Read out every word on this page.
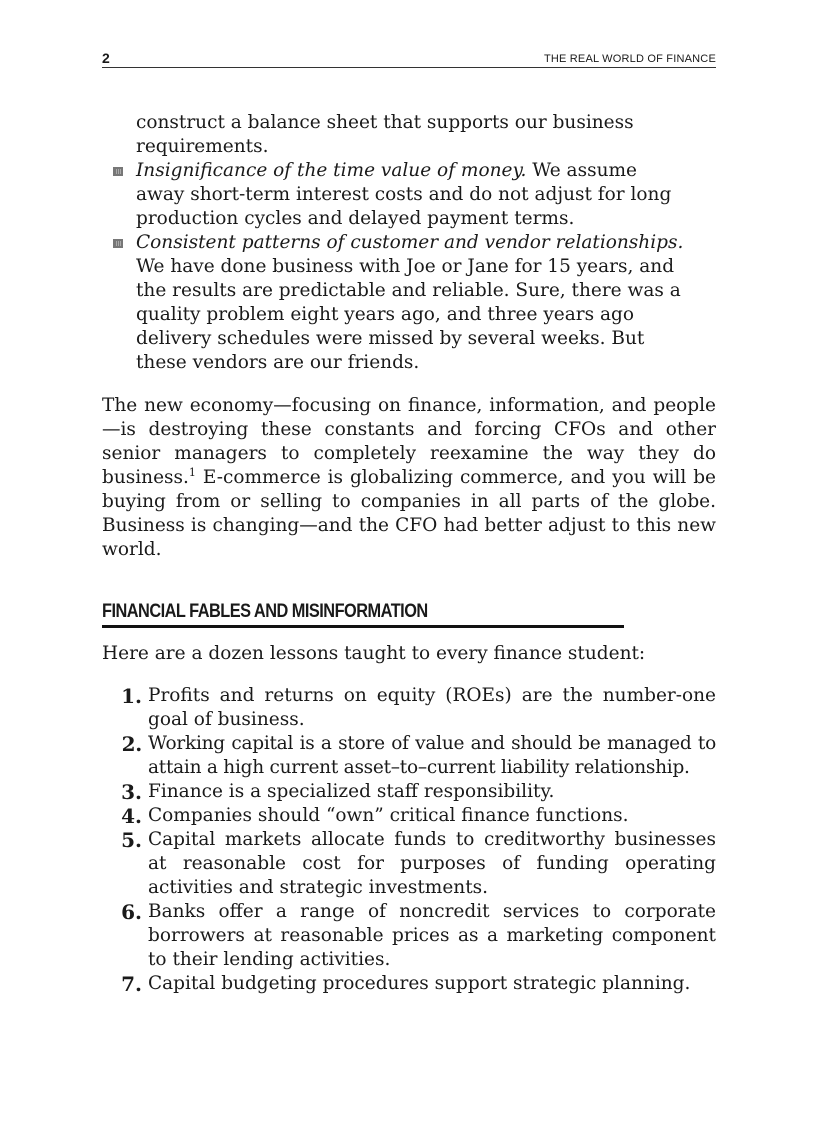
2	THE REAL WORLD OF FINANCE
construct a balance sheet that supports our business
requirements.
Insignificance of the time value of money. We assume
away short-term interest costs and do not adjust for long
production cycles and delayed payment terms.
Consistent patterns of customer and vendor relationships.
We have done business with Joe or Jane for 15 years, and
the results are predictable and reliable. Sure, there was a
quality problem eight years ago, and three years ago
delivery schedules were missed by several weeks. But
these vendors are our friends.

The new economy—focusing on finance, information, and people—is destroying these constants and forcing CFOs and other senior managers to completely reexamine the way they do business.$^1$ E-commerce is globalizing commerce, and you will be buying from or selling to companies in all parts of the globe. Business is changing—and the CFO had better adjust to this new world.

FINANCIAL FABLES AND MISINFORMATION

Here are a dozen lessons taught to every finance student:

1. Profits and returns on equity (ROEs) are the number-one goal of business.
2. Working capital is a store of value and should be managed to attain a high current asset–to–current liability relationship.
3. Finance is a specialized staff responsibility.
4. Companies should “own” critical finance functions.
5. Capital markets allocate funds to creditworthy businesses at reasonable cost for purposes of funding operating activities and strategic investments.
6. Banks offer a range of noncredit services to corporate borrowers at reasonable prices as a marketing component to their lending activities.
7. Capital budgeting procedures support strategic planning.
